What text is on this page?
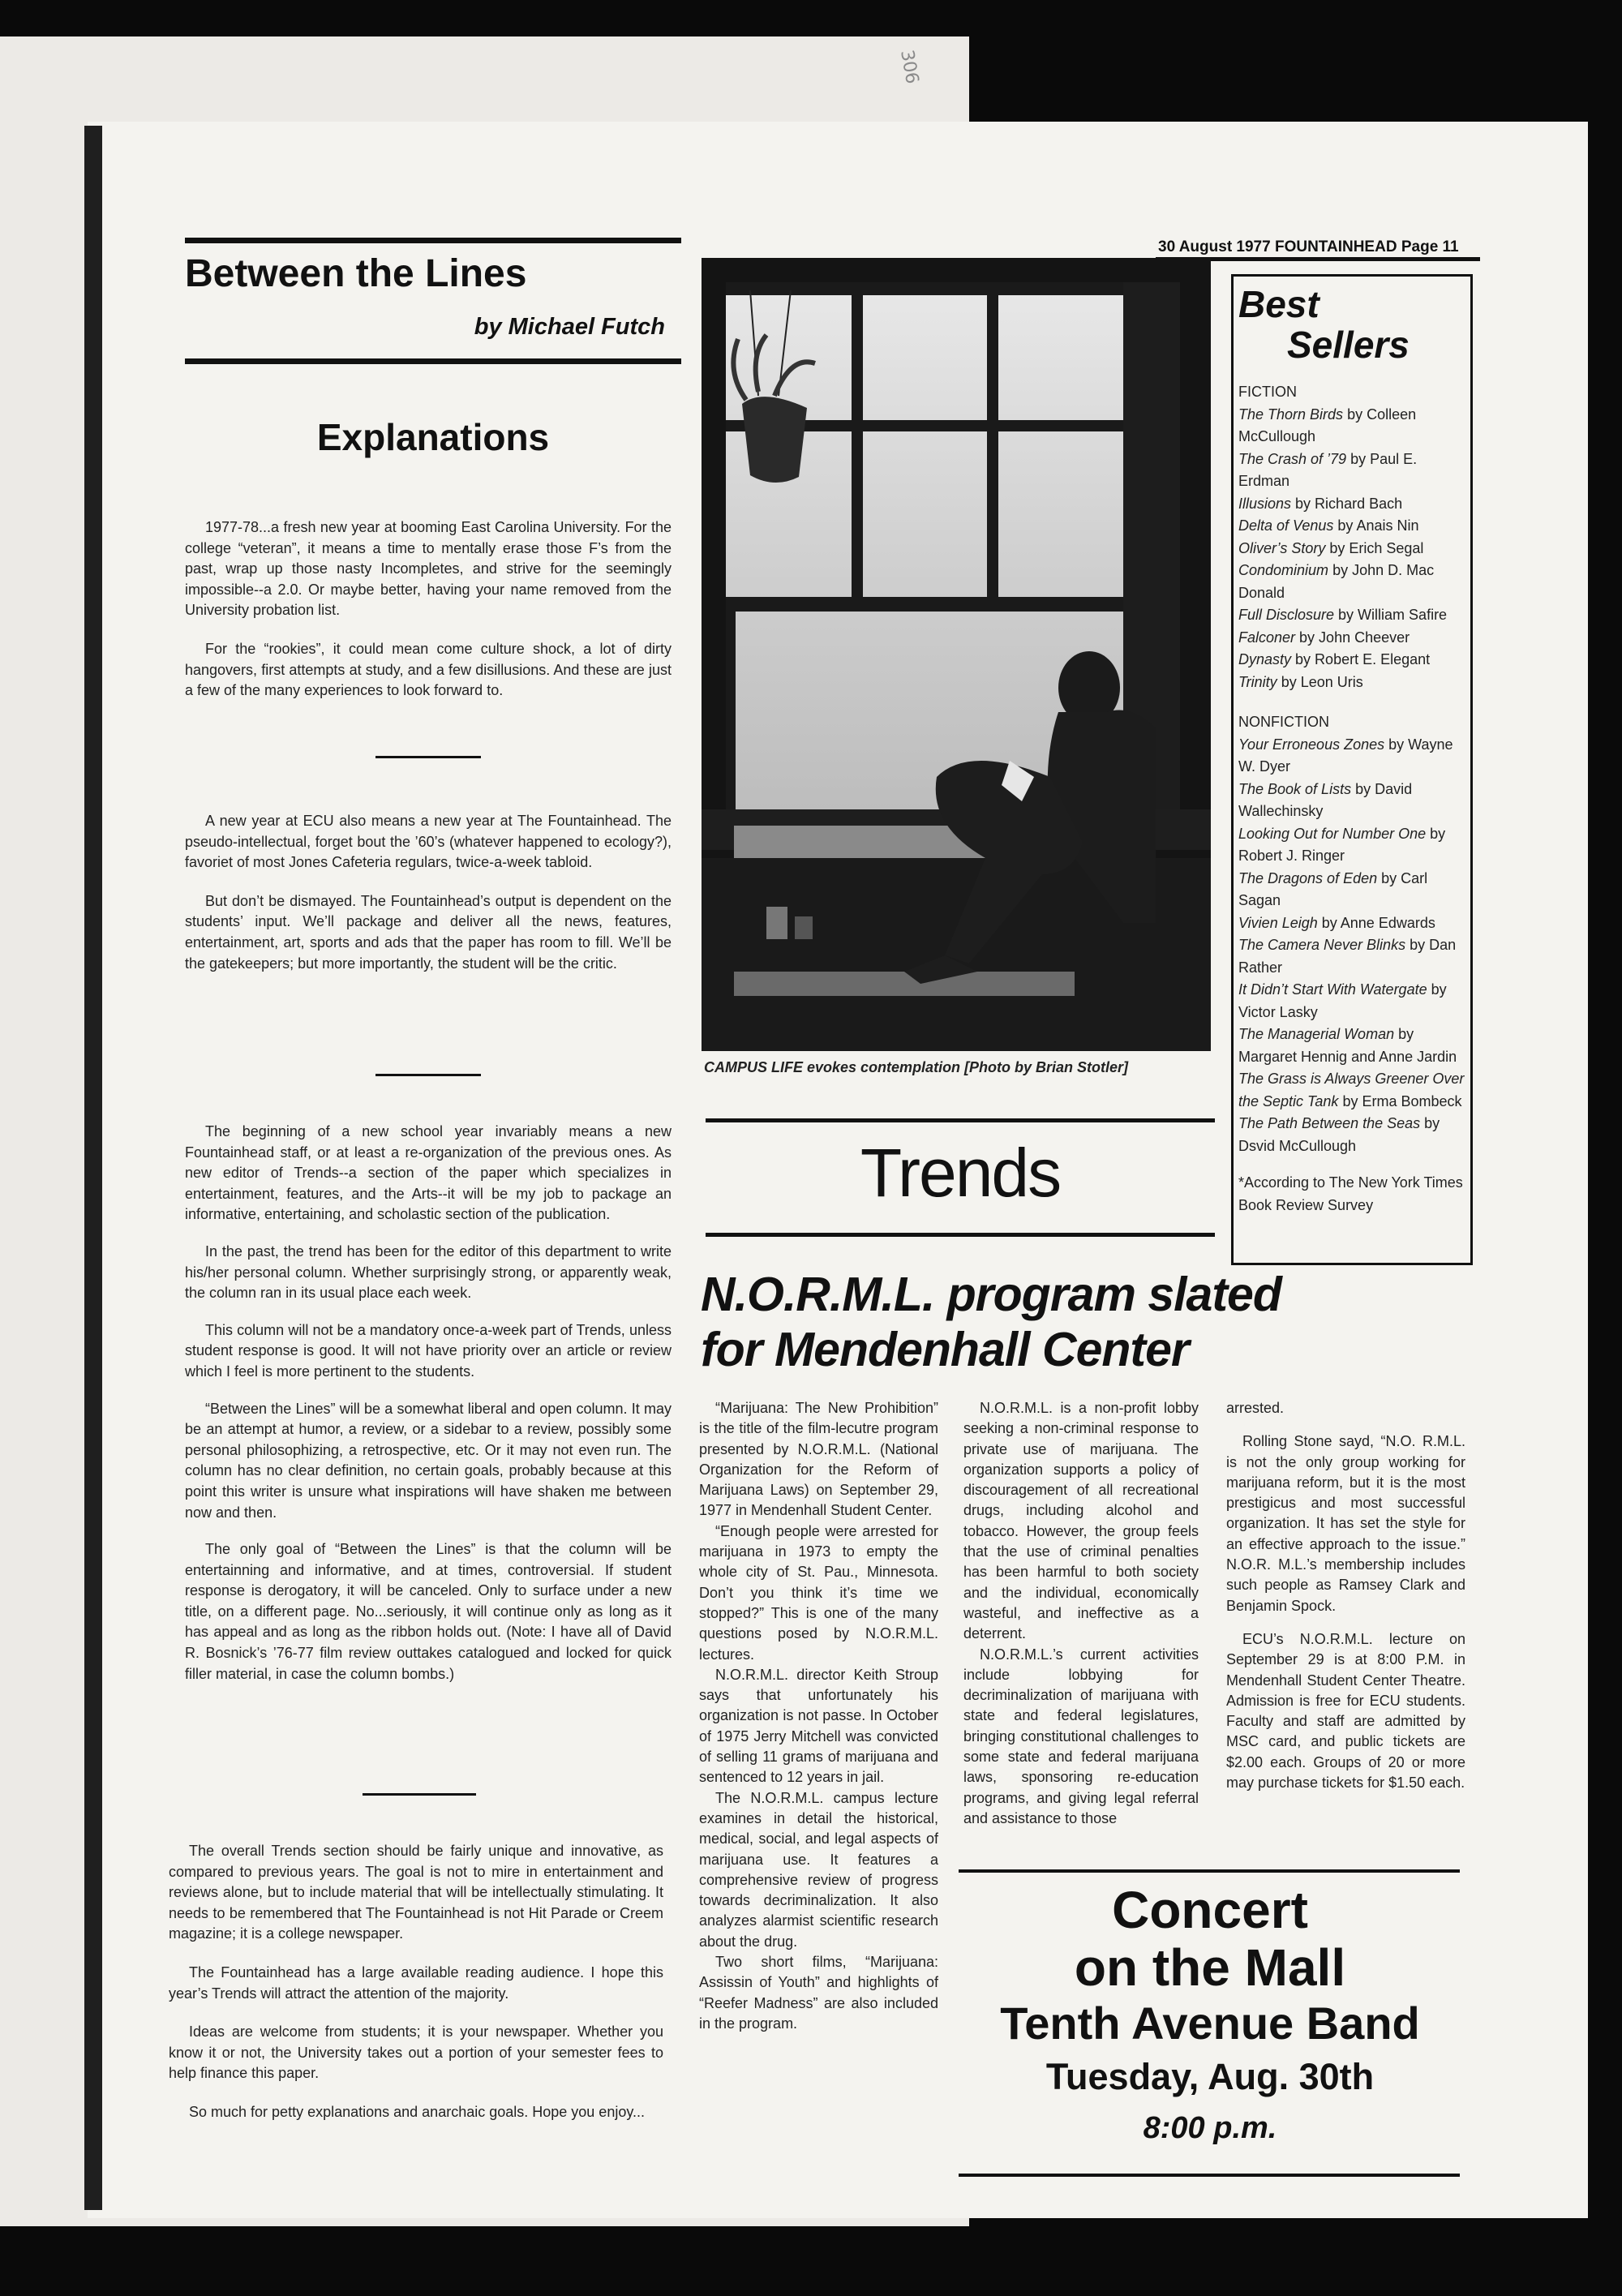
306
Between the Lines
by Michael Futch
Explanations

1977-78...a fresh new year at booming East Carolina University. For the college “veteran”, it means a time to mentally erase those F’s from the past, wrap up those nasty Incompletes, and strive for the seemingly impossible--a 2.0. Or maybe better, having your name removed from the University probation list.

For the “rookies”, it could mean come culture shock, a lot of dirty hangovers, first attempts at study, and a few disillusions. And these are just a few of the many experiences to look forward to.

A new year at ECU also means a new year at The Fountainhead. The pseudo-intellectual, forget bout the ’60’s (whatever happened to ecology?), favoriet of most Jones Cafeteria regulars, twice-a-week tabloid.

But don’t be dismayed. The Fountainhead’s output is dependent on the students’ input. We’ll package and deliver all the news, features, entertainment, art, sports and ads that the paper has room to fill. We’ll be the gatekeepers; but more importantly, the student will be the critic.

The beginning of a new school year invariably means a new Fountainhead staff, or at least a re-organization of the previous ones. As new editor of Trends--a section of the paper which specializes in entertainment, features, and the Arts--it will be my job to package an informative, entertaining, and scholastic section of the publication.

In the past, the trend has been for the editor of this department to write his/her personal column. Whether surprisingly strong, or apparently weak, the column ran in its usual place each week.

This column will not be a mandatory once-a-week part of Trends, unless student response is good. It will not have priority over an article or review which I feel is more pertinent to the students.

“Between the Lines” will be a somewhat liberal and open column. It may be an attempt at humor, a review, or a sidebar to a review, possibly some personal philosophizing, a retrospective, etc. Or it may not even run. The column has no clear definition, no certain goals, probably because at this point this writer is unsure what inspirations will have shaken me between now and then.

The only goal of “Between the Lines” is that the column will be entertainning and informative, and at times, controversial. If student response is derogatory, it will be canceled. Only to surface under a new title, on a different page. No...seriously, it will continue only as long as it has appeal and as long as the ribbon holds out. (Note: I have all of David R. Bosnick’s ’76-77 film review outtakes catalogued and locked for quick filler material, in case the column bombs.)

The overall Trends section should be fairly unique and innovative, as compared to previous years. The goal is not to mire in entertainment and reviews alone, but to include material that will be intellectually stimulating. It needs to be remembered that The Fountainhead is not Hit Parade or Creem magazine; it is a college newspaper.

The Fountainhead has a large available reading audience. I hope this year’s Trends will attract the attention of the majority.

Ideas are welcome from students; it is your newspaper. Whether you know it or not, the University takes out a portion of your semester fees to help finance this paper.

So much for petty explanations and anarchaic goals. Hope you enjoy...

30 August 1977 FOUNTAINHEAD Page 11
CAMPUS LIFE evokes contemplation [Photo by Brian Stotler]
Trends
Best
Sellers

FICTION

The Thorn Birds by Colleen McCullough

The Crash of ’79 by Paul E. Erdman

Illusions by Richard Bach

Delta of Venus by Anais Nin

Oliver’s Story by Erich Segal

Condominium by John D. Mac Donald

Full Disclosure by William Safire

Falconer by John Cheever

Dynasty by Robert E. Elegant

Trinity by Leon Uris

NONFICTION

Your Erroneous Zones by Wayne W. Dyer

The Book of Lists by David Wallechinsky

Looking Out for Number One by Robert J. Ringer

The Dragons of Eden by Carl Sagan

Vivien Leigh by Anne Edwards

The Camera Never Blinks by Dan Rather

It Didn’t Start With Watergate by Victor Lasky

The Managerial Woman by Margaret Hennig and Anne Jardin

The Grass is Always Greener Over the Septic Tank by Erma Bombeck

The Path Between the Seas by Dsvid McCullough

*According to The New York Times Book Review Survey

N.O.R.M.L. program slated
for Mendenhall Center

“Marijuana: The New Prohibition” is the title of the film-lecutre program presented by N.O.R.M.L. (National Organization for the Reform of Marijuana Laws) on September 29, 1977 in Mendenhall Student Center.

“Enough people were arrested for marijuana in 1973 to empty the whole city of St. Pau., Minnesota. Don’t you think it’s time we stopped?” This is one of the many questions posed by N.O.R.M.L. lectures.

N.O.R.M.L. director Keith Stroup says that unfortunately his organization is not passe. In October of 1975 Jerry Mitchell was convicted of selling 11 grams of marijuana and sentenced to 12 years in jail.

The N.O.R.M.L. campus lecture examines in detail the historical, medical, social, and legal aspects of marijuana use. It features a comprehensive review of progress towards decriminalization. It also analyzes alarmist scientific research about the drug.

Two short films, “Marijuana: Assissin of Youth” and highlights of “Reefer Madness” are also included in the program.

N.O.R.M.L. is a non-profit lobby seeking a non-criminal response to private use of marijuana. The organization supports a policy of discouragement of all recreational drugs, including alcohol and tobacco. However, the group feels that the use of criminal penalties has been harmful to both society and the individual, economically wasteful, and ineffective as a deterrent.

N.O.R.M.L.’s current activities include lobbying for decriminalization of marijuana with state and federal legislatures, bringing constitutional challenges to some state and federal marijuana laws, sponsoring re-education programs, and giving legal referral and assistance to those

arrested.

Rolling Stone sayd, “N.O. R.M.L. is not the only group working for marijuana reform, but it is the most prestigicus and most successful organization. It has set the style for an effective approach to the issue.” N.O.R. M.L.’s membership includes such people as Ramsey Clark and Benjamin Spock.

ECU’s N.O.R.M.L. lecture on September 29 is at 8:00 P.M. in Mendenhall Student Center Theatre. Admission is free for ECU students. Faculty and staff are admitted by MSC card, and public tickets are $2.00 each. Groups of 20 or more may purchase tickets for $1.50 each.

Concert
on the Mall
Tenth Avenue Band
Tuesday, Aug. 30th
8:00 p.m.
